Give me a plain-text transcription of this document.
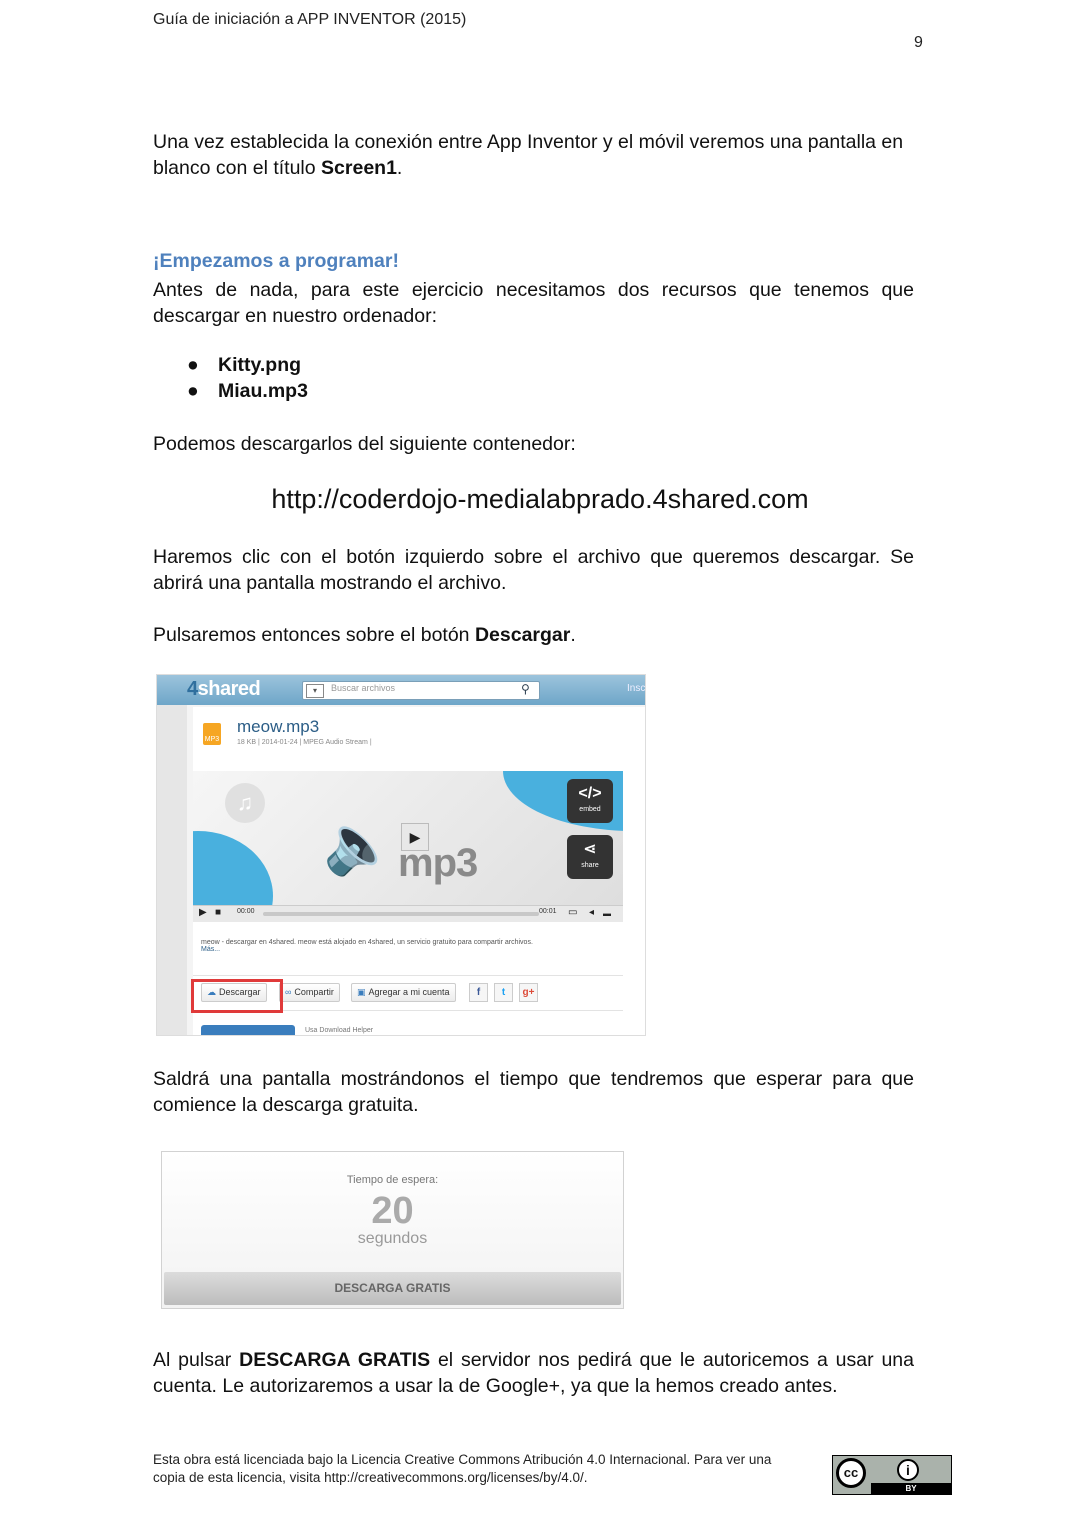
Guía de iniciación a APP INVENTOR (2015)
9
Una vez establecida la conexión entre App Inventor y el móvil veremos una pantalla en blanco con el título Screen1.
¡Empezamos a programar!
Antes de nada, para este ejercicio necesitamos dos recursos que tenemos que descargar en nuestro ordenador:
● Kitty.png
● Miau.mp3
Podemos descargarlos del siguiente contenedor:
http://coderdojo-medialabprado.4shared.com
Haremos clic con el botón izquierdo sobre el archivo que queremos descargar. Se abrirá una pantalla mostrando el archivo.
Pulsaremos entonces sobre el botón Descargar.
4shared	▾	Buscar archivos	⚲	Insc
MP3
meow.mp3
18 KB | 2014-01-24 | MPEG Audio Stream |
♫
🔈	▶
mp3
</>
embed
⋖
share
▶ ■ 00:00	00:01 ▭ ◂ ▬
meow - descargar en 4shared. meow está alojado en 4shared, un servicio gratuito para compartir archivos.
Más...
☁ Descargar	∞ Compartir	▣ Agregar a mi cuenta	f	t	g+
Usa Download Helper
Saldrá una pantalla mostrándonos el tiempo que tendremos que esperar para que comience la descarga gratuita.
Tiempo de espera:
20
segundos
DESCARGA GRATIS
Al pulsar DESCARGA GRATIS el servidor nos pedirá que le autoricemos a usar una cuenta. Le autorizaremos a usar la de Google+, ya que la hemos creado antes.
Esta obra está licenciada bajo la Licencia Creative Commons Atribución 4.0 Internacional. Para ver una copia de esta licencia, visita http://creativecommons.org/licenses/by/4.0/.	cc	i
BY
